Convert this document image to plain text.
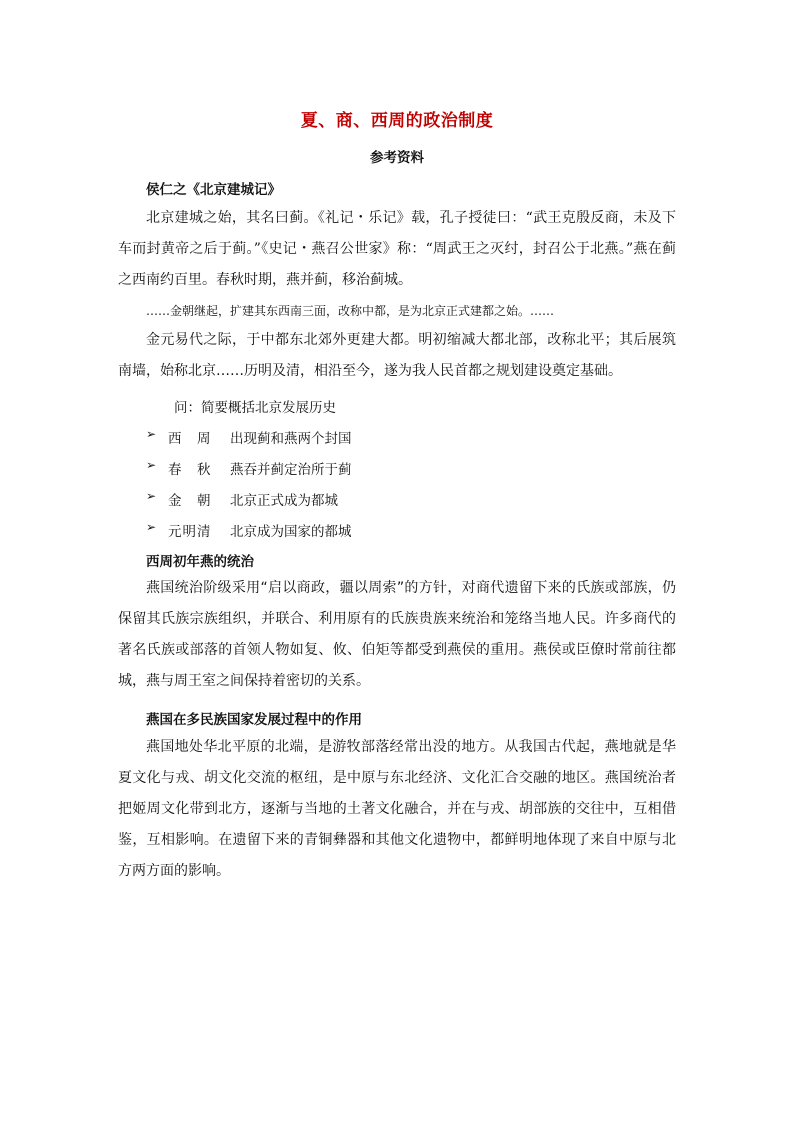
夏、商、西周的政治制度
参考资料
侯仁之《北京建城记》

北京建城之始，其名曰蓟。《礼记・乐记》载，孔子授徒曰：“武王克殷反商，未及下车而封黄帝之后于蓟。”《史记・燕召公世家》称：“周武王之灭纣，封召公于北燕。”燕在蓟之西南约百里。春秋时期，燕并蓟，移治蓟城。

……金朝继起，扩建其东西南三面，改称中都，是为北京正式建都之始。……

金元易代之际，于中都东北郊外更建大都。明初缩减大都北部，改称北平；其后展筑南墙，始称北京……历明及清，相沿至今，遂为我人民首都之规划建设奠定基础。

问：简要概括北京发展历史
➢ 西　周 出现蓟和燕两个封国
➢ 春　秋 燕吞并蓟定治所于蓟
➢ 金　朝 北京正式成为都城
➢ 元明清 北京成为国家的都城
西周初年燕的统治

燕国统治阶级采用“启以商政，疆以周索”的方针，对商代遗留下来的氏族或部族，仍保留其氏族宗族组织，并联合、利用原有的氏族贵族来统治和笼络当地人民。许多商代的著名氏族或部落的首领人物如复、攸、伯矩等都受到燕侯的重用。燕侯或臣僚时常前往都城，燕与周王室之间保持着密切的关系。

燕国在多民族国家发展过程中的作用

燕国地处华北平原的北端，是游牧部落经常出没的地方。从我国古代起，燕地就是华夏文化与戎、胡文化交流的枢纽，是中原与东北经济、文化汇合交融的地区。燕国统治者把姬周文化带到北方，逐渐与当地的土著文化融合，并在与戎、胡部族的交往中，互相借鉴，互相影响。在遗留下来的青铜彝器和其他文化遗物中，都鲜明地体现了来自中原与北方两方面的影响。
